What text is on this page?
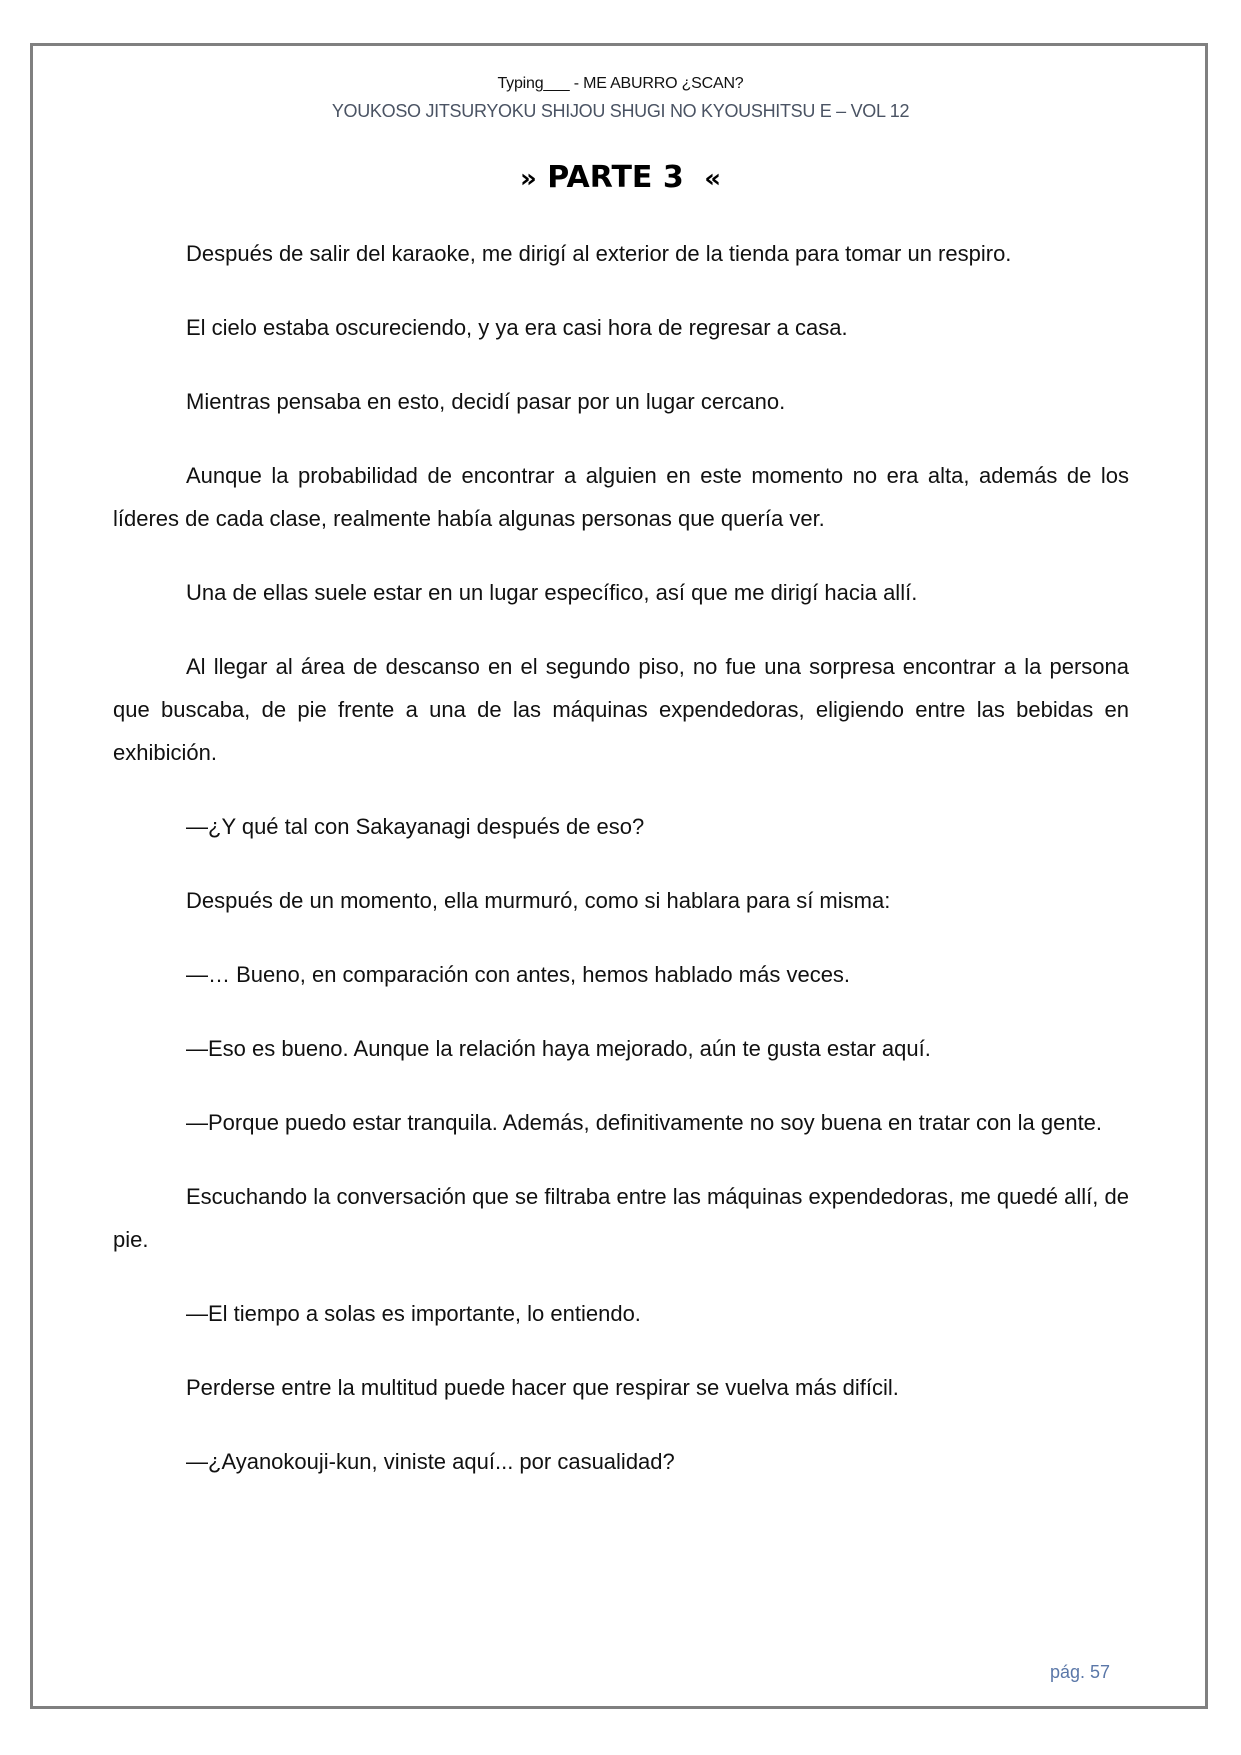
Typing___ - ME ABURRO ¿SCAN?
YOUKOSO JITSURYOKU SHIJOU SHUGI NO KYOUSHITSU E – VOL 12
» PARTE 3 «

Después de salir del karaoke, me dirigí al exterior de la tienda para tomar un respiro.

El cielo estaba oscureciendo, y ya era casi hora de regresar a casa.

Mientras pensaba en esto, decidí pasar por un lugar cercano.

Aunque la probabilidad de encontrar a alguien en este momento no era alta, además de los líderes de cada clase, realmente había algunas personas que quería ver.

Una de ellas suele estar en un lugar específico, así que me dirigí hacia allí.

Al llegar al área de descanso en el segundo piso, no fue una sorpresa encontrar a la persona que buscaba, de pie frente a una de las máquinas expendedoras, eligiendo entre las bebidas en exhibición.

—¿Y qué tal con Sakayanagi después de eso?

Después de un momento, ella murmuró, como si hablara para sí misma:

—… Bueno, en comparación con antes, hemos hablado más veces.

—Eso es bueno. Aunque la relación haya mejorado, aún te gusta estar aquí.

—Porque puedo estar tranquila. Además, definitivamente no soy buena en tratar con la gente.

Escuchando la conversación que se filtraba entre las máquinas expendedoras, me quedé allí, de pie.

—El tiempo a solas es importante, lo entiendo.

Perderse entre la multitud puede hacer que respirar se vuelva más difícil.

—¿Ayanokouji-kun, viniste aquí... por casualidad?

pág. 57
